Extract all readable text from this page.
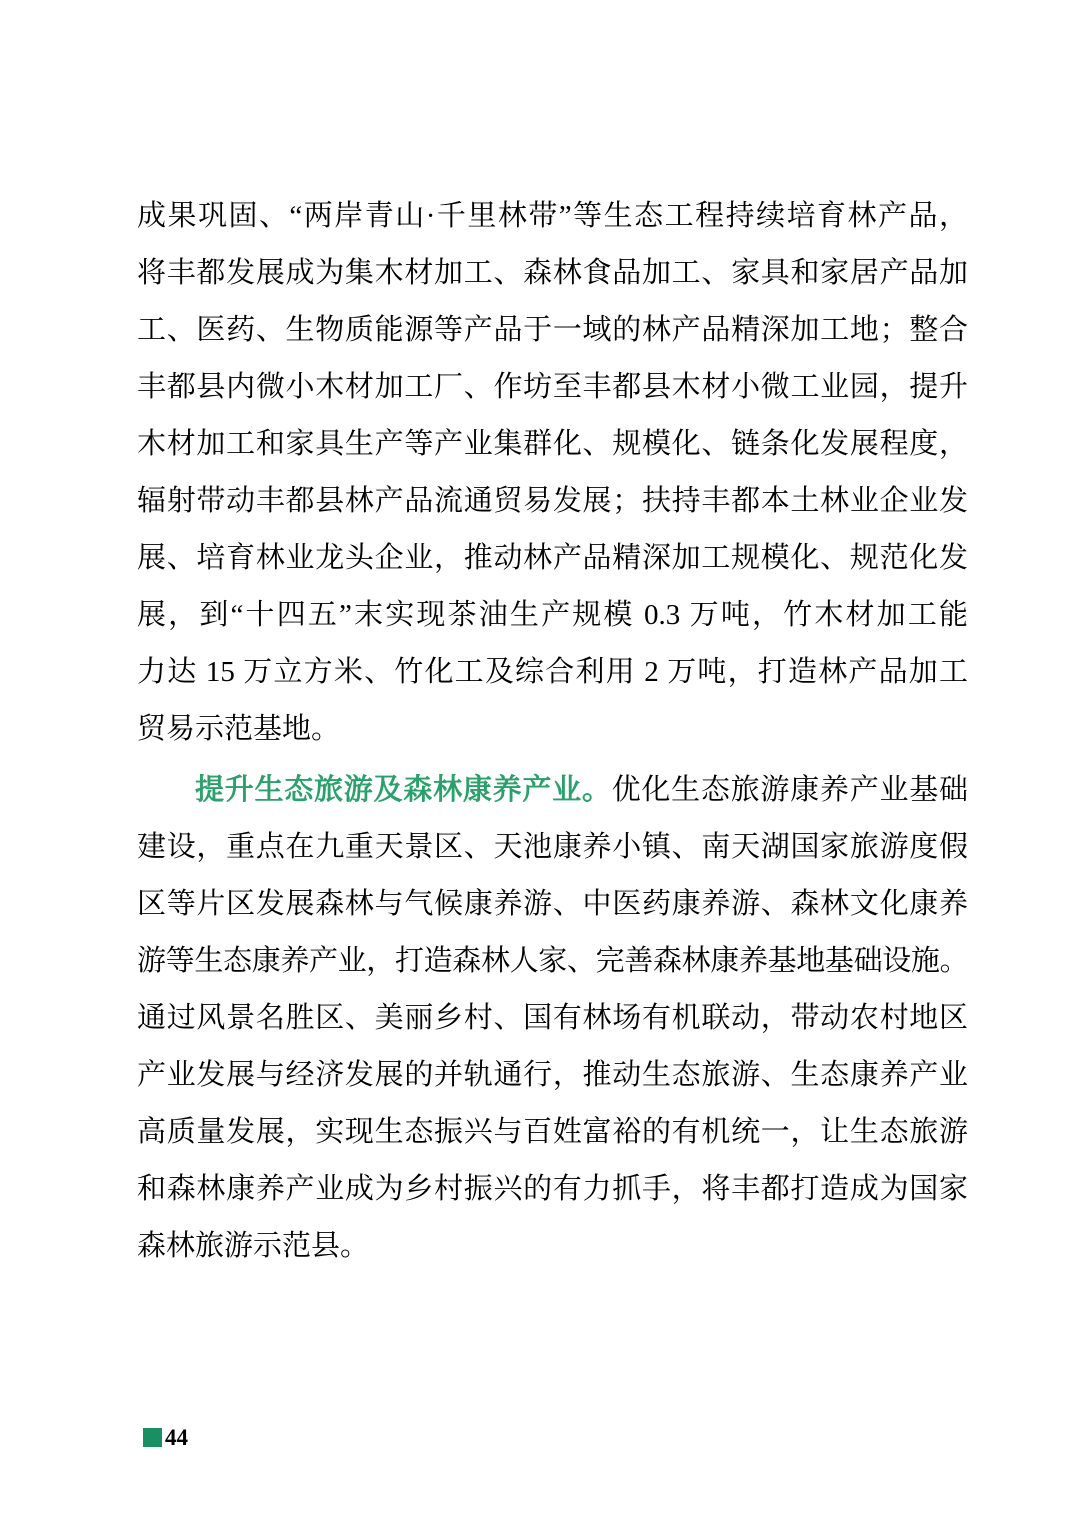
成果巩固、“两岸青山·千里林带”等生态工程持续培育林产品，
将丰都发展成为集木材加工、森林食品加工、家具和家居产品加
工、医药、生物质能源等产品于一域的林产品精深加工地；整合
丰都县内微小木材加工厂、作坊至丰都县木材小微工业园，提升
木材加工和家具生产等产业集群化、规模化、链条化发展程度，
辐射带动丰都县林产品流通贸易发展；扶持丰都本土林业企业发
展、培育林业龙头企业，推动林产品精深加工规模化、规范化发
展，到“十四五”末实现茶油生产规模 0.3 万吨，竹木材加工能
力达 15 万立方米、竹化工及综合利用 2 万吨，打造林产品加工
贸易示范基地。
提升生态旅游及森林康养产业。优化生态旅游康养产业基础
建设，重点在九重天景区、天池康养小镇、南天湖国家旅游度假
区等片区发展森林与气候康养游、中医药康养游、森林文化康养
游等生态康养产业，打造森林人家、完善森林康养基地基础设施。
通过风景名胜区、美丽乡村、国有林场有机联动，带动农村地区
产业发展与经济发展的并轨通行，推动生态旅游、生态康养产业
高质量发展，实现生态振兴与百姓富裕的有机统一，让生态旅游
和森林康养产业成为乡村振兴的有力抓手，将丰都打造成为国家
森林旅游示范县。
44
